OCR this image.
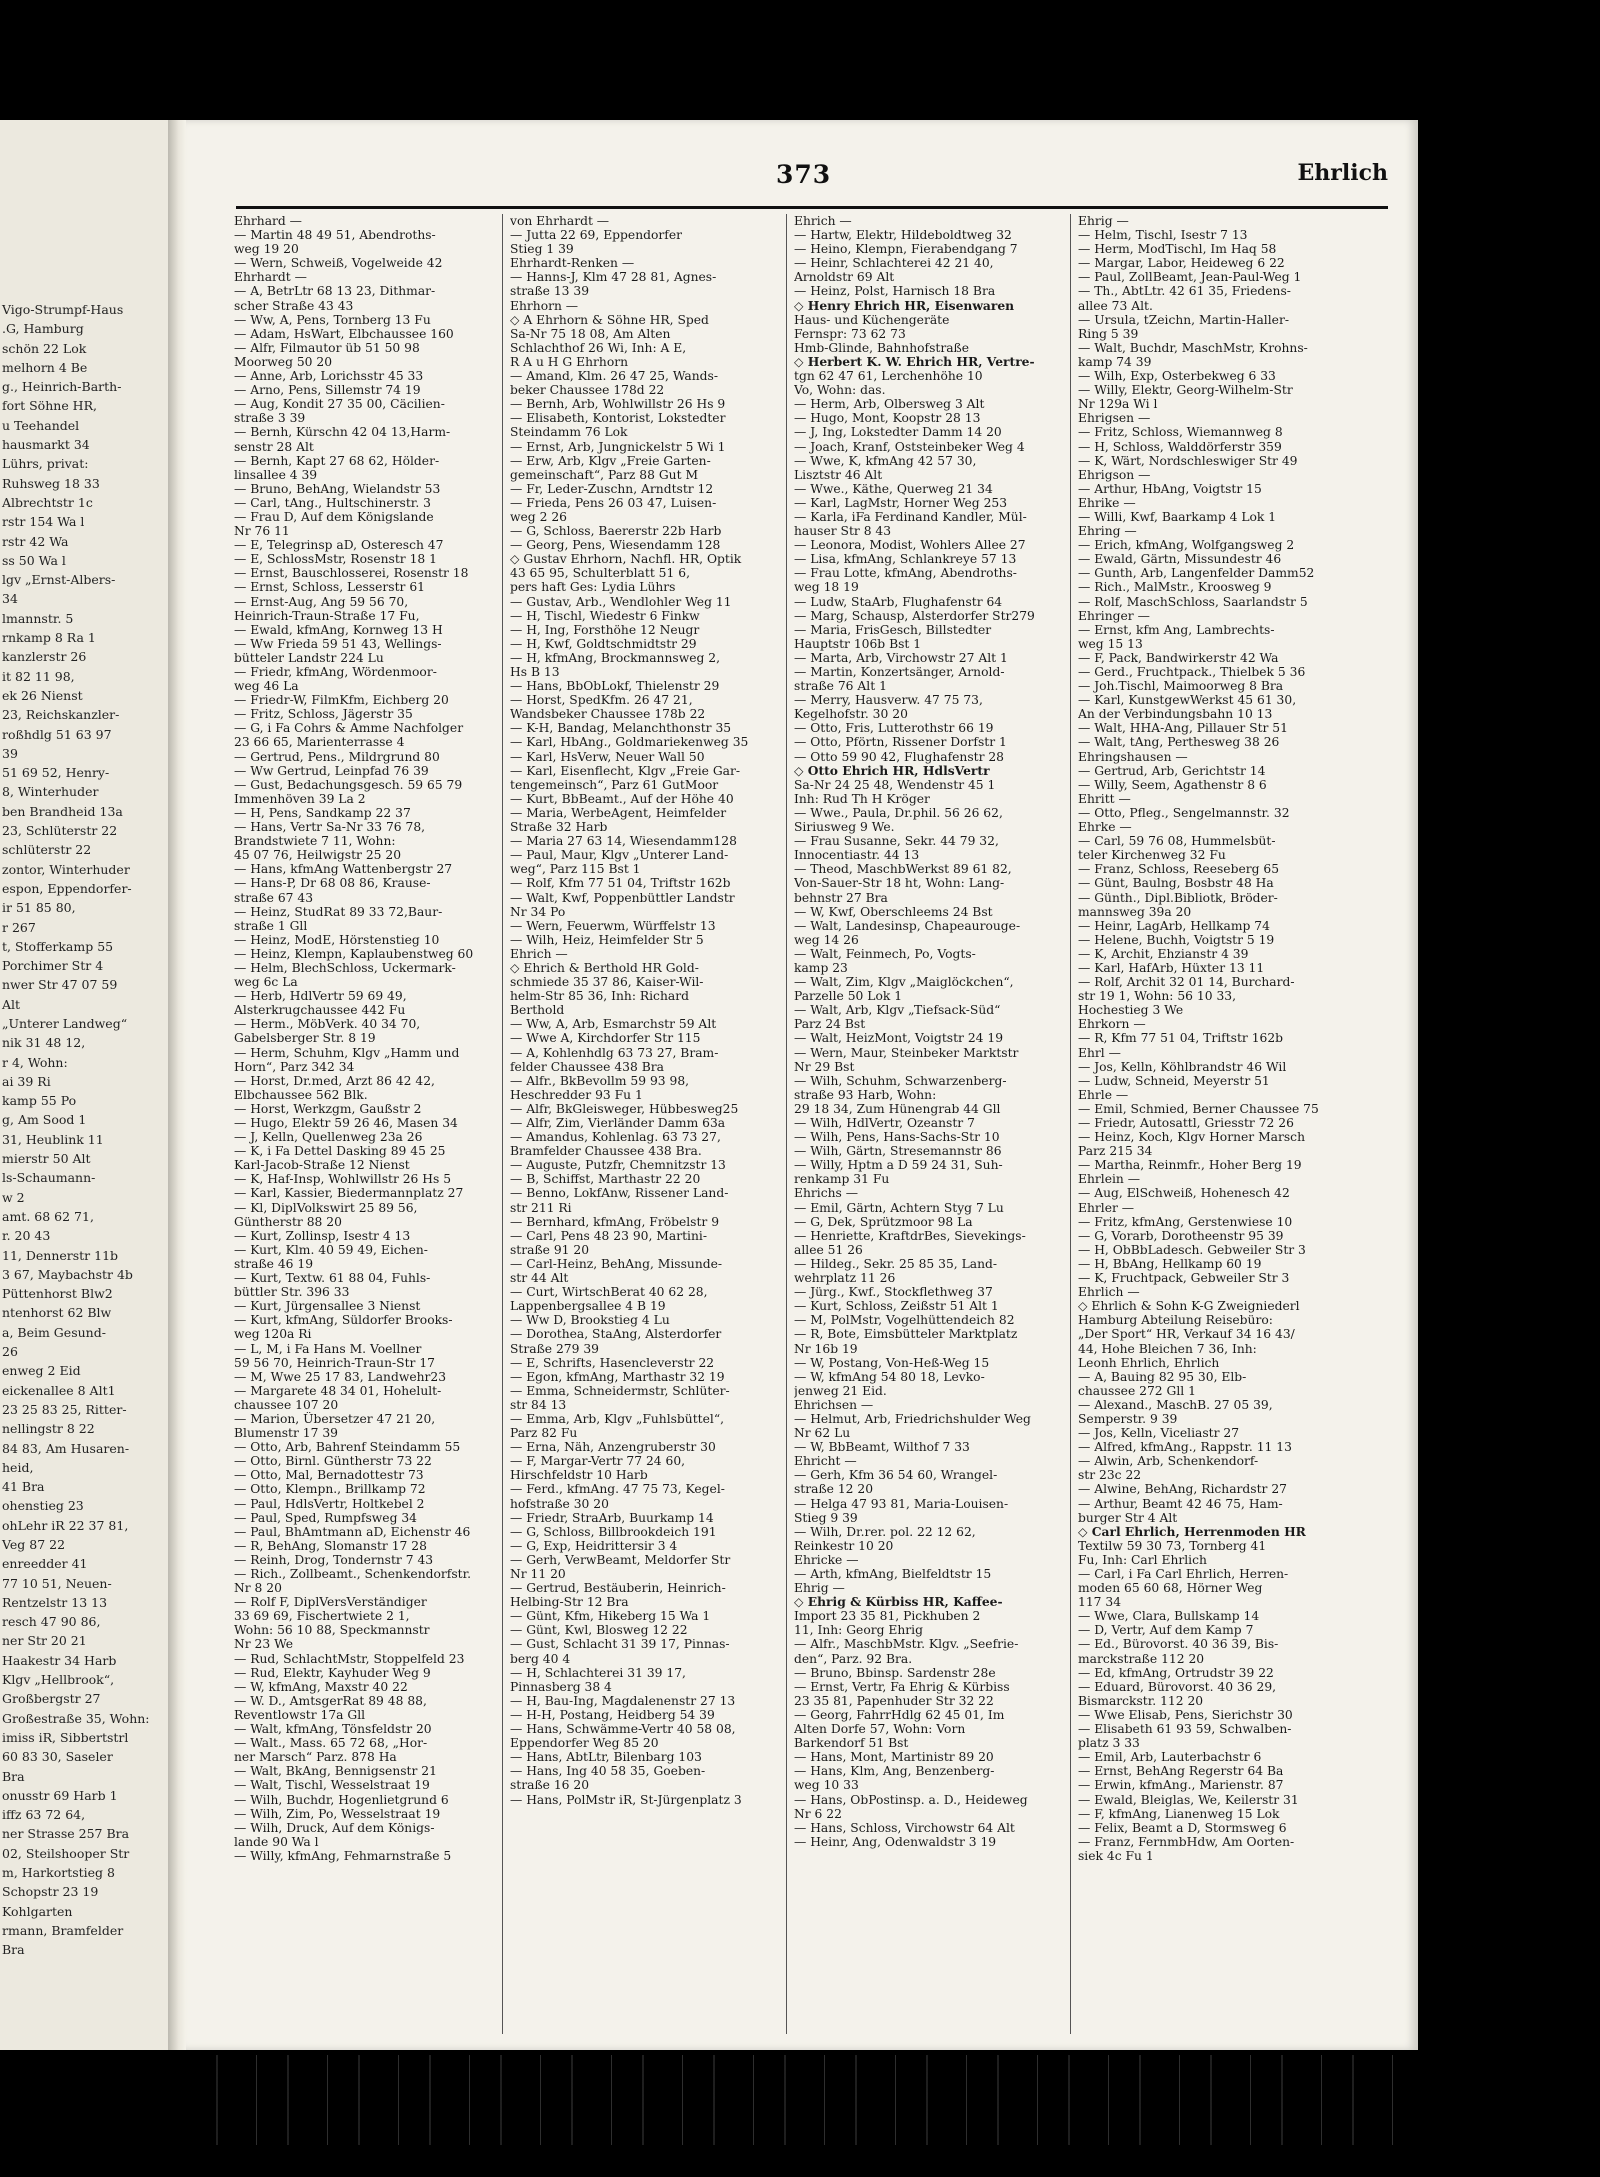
Vigo-Strumpf-Haus
.G, Hamburg
schön 22 Lok
melhorn 4 Be
g., Heinrich-Barth-
fort Söhne HR,
u Teehandel
hausmarkt 34
Lührs, privat:
Ruhsweg 18 33
Albrechtstr 1c
rstr 154 Wa l
rstr 42 Wa
ss 50 Wa l
lgv „Ernst-Albers-
34
lmannstr. 5
rnkamp 8 Ra 1
kanzlerstr 26
it 82 11 98,
ek 26 Nienst
23, Reichskanzler-
roßhdlg 51 63 97
39
51 69 52, Henry-
8, Winterhuder
ben Brandheid 13a
23, Schlüterstr 22
schlüterstr 22
zontor, Winterhuder
espon, Eppendorfer-
ir 51 85 80,
r 267
t, Stofferkamp 55
Porchimer Str 4
nwer Str 47 07 59
Alt
„Unterer Landweg“
nik 31 48 12,
r 4, Wohn:
ai 39 Ri
kamp 55 Po
g, Am Sood 1
31, Heublink 11
mierstr 50 Alt
ls-Schaumann-
w 2
amt. 68 62 71,
r. 20 43
11, Dennerstr 11b
3 67, Maybachstr 4b
Püttenhorst Blw2
ntenhorst 62 Blw
a, Beim Gesund-
26
enweg 2 Eid
eickenallee 8 Alt1
23 25 83 25, Ritter-
nellingstr 8 22
84 83, Am Husaren-
heid,
41 Bra
ohenstieg 23
ohLehr iR 22 37 81,
Veg 87 22
enreedder 41
77 10 51, Neuen-
Rentzelstr 13 13
resch 47 90 86,
ner Str 20 21
Haakestr 34 Harb
Klgv „Hellbrook“,
Großbergstr 27
Großestraße 35, Wohn:
imiss iR, Sibbertstrl
60 83 30, Saseler
Bra
onusstr 69 Harb 1
iffz 63 72 64,
ner Strasse 257 Bra
02, Steilshooper Str
m, Harkortstieg 8
Schopstr 23 19
Kohlgarten
rmann, Bramfelder
Bra
373	Ehrlich
Ehrhard —
— Martin 48 49 51, Abendroths-
weg 19 20
— Wern, Schweiß, Vogelweide 42
Ehrhardt —
— A, BetrLtr 68 13 23, Dithmar-
scher Straße 43 43
— Ww, A, Pens, Tornberg 13 Fu
— Adam, HsWart, Elbchaussee 160
— Alfr, Filmautor üb 51 50 98
Moorweg 50 20
— Anne, Arb, Lorichsstr 45 33
— Arno, Pens, Sillemstr 74 19
— Aug, Kondit 27 35 00, Cäcilien-
straße 3 39
— Bernh, Kürschn 42 04 13,Harm-
senstr 28 Alt
— Bernh, Kapt 27 68 62, Hölder-
linsallee 4 39
— Bruno, BehAng, Wielandstr 53
— Carl, tAng., Hultschinerstr. 3
— Frau D, Auf dem Königslande
Nr 76 11
— E, Telegrinsp aD, Osteresch 47
— E, SchlossMstr, Rosenstr 18 1
— Ernst, Bauschlosserei, Rosenstr 18
— Ernst, Schloss, Lesserstr 61
— Ernst-Aug, Ang 59 56 70,
Heinrich-Traun-Straße 17 Fu,
— Ewald, kfmAng, Kornweg 13 H
— Ww Frieda 59 51 43, Wellings-
bütteler Landstr 224 Lu
— Friedr, kfmAng, Wördenmoor-
weg 46 La
— Friedr-W, FilmKfm, Eichberg 20
— Fritz, Schloss, Jägerstr 35
— G, i Fa Cohrs & Amme Nachfolger
23 66 65, Marienterrasse 4
— Gertrud, Pens., Mildrgrund 80
— Ww Gertrud, Leinpfad 76 39
— Gust, Bedachungsgesch. 59 65 79
Immenhöven 39 La 2
— H, Pens, Sandkamp 22 37
— Hans, Vertr Sa-Nr 33 76 78,
Brandstwiete 7 11, Wohn:
45 07 76, Heilwigstr 25 20
— Hans, kfmAng Wattenbergstr 27
— Hans-P, Dr 68 08 86, Krause-
straße 67 43
— Heinz, StudRat 89 33 72,Baur-
straße 1 Gll
— Heinz, ModE, Hörstenstieg 10
— Heinz, Klempn, Kaplaubenstweg 60
— Helm, BlechSchloss, Uckermark-
weg 6c La
— Herb, HdlVertr 59 69 49,
Alsterkrugchaussee 442 Fu
— Herm., MöbVerk. 40 34 70,
Gabelsberger Str. 8 19
— Herm, Schuhm, Klgv „Hamm und
Horn“, Parz 342 34
— Horst, Dr.med, Arzt 86 42 42,
Elbchaussee 562 Blk.
— Horst, Werkzgm, Gaußstr 2
— Hugo, Elektr 59 26 46, Masen 34
— J, Kelln, Quellenweg 23a 26
— K, i Fa Dettel Dasking 89 45 25
Karl-Jacob-Straße 12 Nienst
— K, Haf-Insp, Wohlwillstr 26 Hs 5
— Karl, Kassier, Biedermannplatz 27
— Kl, DiplVolkswirt 25 89 56,
Güntherstr 88 20
— Kurt, Zollinsp, Isestr 4 13
— Kurt, Klm. 40 59 49, Eichen-
straße 46 19
— Kurt, Textw. 61 88 04, Fuhls-
büttler Str. 396 33
— Kurt, Jürgensallee 3 Nienst
— Kurt, kfmAng, Süldorfer Brooks-
weg 120a Ri
— L, M, i Fa Hans M. Voellner
59 56 70, Heinrich-Traun-Str 17
— M, Wwe 25 17 83, Landwehr23
— Margarete 48 34 01, Hohelult-
chaussee 107 20
— Marion, Übersetzer 47 21 20,
Blumenstr 17 39
— Otto, Arb, Bahrenf Steindamm 55
— Otto, Birnl. Güntherstr 73 22
— Otto, Mal, Bernadottestr 73
— Otto, Klempn., Brillkamp 72
— Paul, HdlsVertr, Holtkebel 2
— Paul, Sped, Rumpfsweg 34
— Paul, BhAmtmann aD, Eichenstr 46
— R, BehAng, Slomanstr 17 28
— Reinh, Drog, Tondernstr 7 43
— Rich., Zollbeamt., Schenkendorfstr.
Nr 8 20
— Rolf F, DiplVersVerständiger
33 69 69, Fischertwiete 2 1,
Wohn: 56 10 88, Speckmannstr
Nr 23 We
— Rud, SchlachtMstr, Stoppelfeld 23
— Rud, Elektr, Kayhuder Weg 9
— W, kfmAng, Maxstr 40 22
— W. D., AmtsgerRat 89 48 88,
Reventlowstr 17a Gll
— Walt, kfmAng, Tönsfeldstr 20
— Walt., Mass. 65 72 68, „Hor-
ner Marsch“ Parz. 878 Ha
— Walt, BkAng, Bennigsenstr 21
— Walt, Tischl, Wesselstraat 19
— Wilh, Buchdr, Hogenlietgrund 6
— Wilh, Zim, Po, Wesselstraat 19
— Wilh, Druck, Auf dem Königs-
lande 90 Wa l
— Willy, kfmAng, Fehmarnstraße 5
von Ehrhardt —
— Jutta 22 69, Eppendorfer
Stieg 1 39
Ehrhardt-Renken —
— Hanns-J, Klm 47 28 81, Agnes-
straße 13 39
Ehrhorn —
◇ A Ehrhorn & Söhne HR, Sped
Sa-Nr 75 18 08, Am Alten
Schlachthof 26 Wi, Inh: A E,
R A u H G Ehrhorn
— Amand, Klm. 26 47 25, Wands-
beker Chaussee 178d 22
— Bernh, Arb, Wohlwillstr 26 Hs 9
— Elisabeth, Kontorist, Lokstedter
Steindamm 76 Lok
— Ernst, Arb, Jungnickelstr 5 Wi 1
— Erw, Arb, Klgv „Freie Garten-
gemeinschaft“, Parz 88 Gut M
— Fr, Leder-Zuschn, Arndtstr 12
— Frieda, Pens 26 03 47, Luisen-
weg 2 26
— G, Schloss, Baererstr 22b Harb
— Georg, Pens, Wiesendamm 128
◇ Gustav Ehrhorn, Nachfl. HR, Optik
43 65 95, Schulterblatt 51 6,
pers haft Ges: Lydia Lührs
— Gustav, Arb., Wendlohler Weg 11
— H, Tischl, Wiedestr 6 Finkw
— H, Ing, Forsthöhe 12 Neugr
— H, Kwf, Goldtschmidtstr 29
— H, kfmAng, Brockmannsweg 2,
Hs B 13
— Hans, BbObLokf, Thielenstr 29
— Horst, SpedKfm. 26 47 21,
Wandsbeker Chaussee 178b 22
— K-H, Bandag, Melanchthonstr 35
— Karl, HbAng., Goldmariekenweg 35
— Karl, HsVerw, Neuer Wall 50
— Karl, Eisenflecht, Klgv „Freie Gar-
tengemeinsch“, Parz 61 GutMoor
— Kurt, BbBeamt., Auf der Höhe 40
— Maria, WerbeAgent, Heimfelder
Straße 32 Harb
— Maria 27 63 14, Wiesendamm128
— Paul, Maur, Klgv „Unterer Land-
weg“, Parz 115 Bst 1
— Rolf, Kfm 77 51 04, Triftstr 162b
— Walt, Kwf, Poppenbüttler Landstr
Nr 34 Po
— Wern, Feuerwm, Würffelstr 13
— Wilh, Heiz, Heimfelder Str 5
Ehrich —
◇ Ehrich & Berthold HR Gold-
schmiede 35 37 86, Kaiser-Wil-
helm-Str 85 36, Inh: Richard
Berthold
— Ww, A, Arb, Esmarchstr 59 Alt
— Wwe A, Kirchdorfer Str 115
— A, Kohlenhdlg 63 73 27, Bram-
felder Chaussee 438 Bra
— Alfr., BkBevollm 59 93 98,
Heschredder 93 Fu 1
— Alfr, BkGleisweger, Hübbesweg25
— Alfr, Zim, Vierländer Damm 63a
— Amandus, Kohlenlag. 63 73 27,
Bramfelder Chaussee 438 Bra.
— Auguste, Putzfr, Chemnitzstr 13
— B, Schiffst, Marthastr 22 20
— Benno, LokfAnw, Rissener Land-
str 211 Ri
— Bernhard, kfmAng, Fröbelstr 9
— Carl, Pens 48 23 90, Martini-
straße 91 20
— Carl-Heinz, BehAng, Missunde-
str 44 Alt
— Curt, WirtschBerat 40 62 28,
Lappenbergsallee 4 B 19
— Ww D, Brookstieg 4 Lu
— Dorothea, StaAng, Alsterdorfer
Straße 279 39
— E, Schrifts, Hasencleverstr 22
— Egon, kfmAng, Marthastr 32 19
— Emma, Schneidermstr, Schlüter-
str 84 13
— Emma, Arb, Klgv „Fuhlsbüttel“,
Parz 82 Fu
— Erna, Näh, Anzengruberstr 30
— F, Margar-Vertr 77 24 60,
Hirschfeldstr 10 Harb
— Ferd., kfmAng. 47 75 73, Kegel-
hofstraße 30 20
— Friedr, StraArb, Buurkamp 14
— G, Schloss, Billbrookdeich 191
— G, Exp, Heidrittersir 3 4
— Gerh, VerwBeamt, Meldorfer Str
Nr 11 20
— Gertrud, Bestäuberin, Heinrich-
Helbing-Str 12 Bra
— Günt, Kfm, Hikeberg 15 Wa 1
— Günt, Kwl, Blosweg 12 22
— Gust, Schlacht 31 39 17, Pinnas-
berg 40 4
— H, Schlachterei 31 39 17,
Pinnasberg 38 4
— H, Bau-Ing, Magdalenenstr 27 13
— H-H, Postang, Heidberg 54 39
— Hans, Schwämme-Vertr 40 58 08,
Eppendorfer Weg 85 20
— Hans, AbtLtr, Bilenbarg 103
— Hans, Ing 40 58 35, Goeben-
straße 16 20
— Hans, PolMstr iR, St-Jürgenplatz 3
Ehrich —
— Hartw, Elektr, Hildeboldtweg 32
— Heino, Klempn, Fierabendgang 7
— Heinr, Schlachterei 42 21 40,
Arnoldstr 69 Alt
— Heinz, Polst, Harnisch 18 Bra
◇ Henry Ehrich HR, Eisenwaren
Haus- und Küchengeräte
Fernspr: 73 62 73
Hmb-Glinde, Bahnhofstraße
◇ Herbert K. W. Ehrich HR, Vertre-
tgn 62 47 61, Lerchenhöhe 10
Vo, Wohn: das.
— Herm, Arb, Olbersweg 3 Alt
— Hugo, Mont, Koopstr 28 13
— J, Ing, Lokstedter Damm 14 20
— Joach, Kranf, Oststeinbeker Weg 4
— Wwe, K, kfmAng 42 57 30,
Lisztstr 46 Alt
— Wwe., Käthe, Querweg 21 34
— Karl, LagMstr, Horner Weg 253
— Karla, iFa Ferdinand Kandler, Mül-
hauser Str 8 43
— Leonora, Modist, Wohlers Allee 27
— Lisa, kfmAng, Schlankreye 57 13
— Frau Lotte, kfmAng, Abendroths-
weg 18 19
— Ludw, StaArb, Flughafenstr 64
— Marg, Schausp, Alsterdorfer Str279
— Maria, FrisGesch, Billstedter
Hauptstr 106b Bst 1
— Marta, Arb, Virchowstr 27 Alt 1
— Martin, Konzertsänger, Arnold-
straße 76 Alt 1
— Merry, Hausverw. 47 75 73,
Kegelhofstr. 30 20
— Otto, Fris, Lutterothstr 66 19
— Otto, Pförtn, Rissener Dorfstr 1
— Otto 59 90 42, Flughafenstr 28
◇ Otto Ehrich HR, HdlsVertr
Sa-Nr 24 25 48, Wendenstr 45 1
Inh: Rud Th H Kröger
— Wwe., Paula, Dr.phil. 56 26 62,
Siriusweg 9 We.
— Frau Susanne, Sekr. 44 79 32,
Innocentiastr. 44 13
— Theod, MaschbWerkst 89 61 82,
Von-Sauer-Str 18 ht, Wohn: Lang-
behnstr 27 Bra
— W, Kwf, Oberschleems 24 Bst
— Walt, Landesinsp, Chapeaurouge-
weg 14 26
— Walt, Feinmech, Po, Vogts-
kamp 23
— Walt, Zim, Klgv „Maiglöckchen“,
Parzelle 50 Lok 1
— Walt, Arb, Klgv „Tiefsack-Süd“
Parz 24 Bst
— Walt, HeizMont, Voigtstr 24 19
— Wern, Maur, Steinbeker Marktstr
Nr 29 Bst
— Wilh, Schuhm, Schwarzenberg-
straße 93 Harb, Wohn:
29 18 34, Zum Hünengrab 44 Gll
— Wilh, HdlVertr, Ozeanstr 7
— Wilh, Pens, Hans-Sachs-Str 10
— Wilh, Gärtn, Stresemannstr 86
— Willy, Hptm a D 59 24 31, Suh-
renkamp 31 Fu
Ehrichs —
— Emil, Gärtn, Achtern Styg 7 Lu
— G, Dek, Sprützmoor 98 La
— Henriette, KraftdrBes, Sievekings-
allee 51 26
— Hildeg., Sekr. 25 85 35, Land-
wehrplatz 11 26
— Jürg., Kwf., Stockflethweg 37
— Kurt, Schloss, Zeißstr 51 Alt 1
— M, PolMstr, Vogelhüttendeich 82
— R, Bote, Eimsbütteler Marktplatz
Nr 16b 19
— W, Postang, Von-Heß-Weg 15
— W, kfmAng 54 80 18, Levko-
jenweg 21 Eid.
Ehrichsen —
— Helmut, Arb, Friedrichshulder Weg
Nr 62 Lu
— W, BbBeamt, Wilthof 7 33
Ehricht —
— Gerh, Kfm 36 54 60, Wrangel-
straße 12 20
— Helga 47 93 81, Maria-Louisen-
Stieg 9 39
— Wilh, Dr.rer. pol. 22 12 62,
Reinkestr 10 20
Ehricke —
— Arth, kfmAng, Bielfeldtstr 15
Ehrig —
◇ Ehrig & Kürbiss HR, Kaffee-
Import 23 35 81, Pickhuben 2
11, Inh: Georg Ehrig
— Alfr., MaschbMstr. Klgv. „Seefrie-
den“, Parz. 92 Bra.
— Bruno, Bbinsp. Sardenstr 28e
— Ernst, Vertr, Fa Ehrig & Kürbiss
23 35 81, Papenhuder Str 32 22
— Georg, FahrrHdlg 62 45 01, Im
Alten Dorfe 57, Wohn: Vorn
Barkendorf 51 Bst
— Hans, Mont, Martinistr 89 20
— Hans, Klm, Ang, Benzenberg-
weg 10 33
— Hans, ObPostinsp. a. D., Heideweg
Nr 6 22
— Hans, Schloss, Virchowstr 64 Alt
— Heinr, Ang, Odenwaldstr 3 19
Ehrig —
— Helm, Tischl, Isestr 7 13
— Herm, ModTischl, Im Haq 58
— Margar, Labor, Heideweg 6 22
— Paul, ZollBeamt, Jean-Paul-Weg 1
— Th., AbtLtr. 42 61 35, Friedens-
allee 73 Alt.
— Ursula, tZeichn, Martin-Haller-
Ring 5 39
— Walt, Buchdr, MaschMstr, Krohns-
kamp 74 39
— Wilh, Exp, Osterbekweg 6 33
— Willy, Elektr, Georg-Wilhelm-Str
Nr 129a Wi l
Ehrigsen —
— Fritz, Schloss, Wiemannweg 8
— H, Schloss, Walddörferstr 359
— K, Wärt, Nordschleswiger Str 49
Ehrigson —
— Arthur, HbAng, Voigtstr 15
Ehrike —
— Willi, Kwf, Baarkamp 4 Lok 1
Ehring —
— Erich, kfmAng, Wolfgangsweg 2
— Ewald, Gärtn, Missundestr 46
— Gunth, Arb, Langenfelder Damm52
— Rich., MalMstr., Kroosweg 9
— Rolf, MaschSchloss, Saarlandstr 5
Ehringer —
— Ernst, kfm Ang, Lambrechts-
weg 15 13
— F, Pack, Bandwirkerstr 42 Wa
— Gerd., Fruchtpack., Thielbek 5 36
— Joh.Tischl, Maimoorweg 8 Bra
— Karl, KunstgewWerkst 45 61 30,
An der Verbindungsbahn 10 13
— Walt, HHA-Ang, Pillauer Str 51
— Walt, tAng, Perthesweg 38 26
Ehringshausen —
— Gertrud, Arb, Gerichtstr 14
— Willy, Seem, Agathenstr 8 6
Ehritt —
— Otto, Pfleg., Sengelmannstr. 32
Ehrke —
— Carl, 59 76 08, Hummelsbüt-
teler Kirchenweg 32 Fu
— Franz, Schloss, Reeseberg 65
— Günt, Baulng, Bosbstr 48 Ha
— Günth., Dipl.Bibliotk, Bröder-
mannsweg 39a 20
— Heinr, LagArb, Hellkamp 74
— Helene, Buchh, Voigtstr 5 19
— K, Archit, Ehzianstr 4 39
— Karl, HafArb, Hüxter 13 11
— Rolf, Archit 32 01 14, Burchard-
str 19 1, Wohn: 56 10 33,
Hochestieg 3 We
Ehrkorn —
— R, Kfm 77 51 04, Triftstr 162b
Ehrl —
— Jos, Kelln, Köhlbrandstr 46 Wil
— Ludw, Schneid, Meyerstr 51
Ehrle —
— Emil, Schmied, Berner Chaussee 75
— Friedr, Autosattl, Griesstr 72 26
— Heinz, Koch, Klgv Horner Marsch
Parz 215 34
— Martha, Reinmfr., Hoher Berg 19
Ehrlein —
— Aug, ElSchweiß, Hohenesch 42
Ehrler —
— Fritz, kfmAng, Gerstenwiese 10
— G, Vorarb, Dorotheenstr 95 39
— H, ObBbLadesch. Gebweiler Str 3
— H, BbAng, Hellkamp 60 19
— K, Fruchtpack, Gebweiler Str 3
Ehrlich —
◇ Ehrlich & Sohn K-G Zweigniederl
Hamburg Abteilung Reisebüro:
„Der Sport“ HR, Verkauf 34 16 43/
44, Hohe Bleichen 7 36, Inh:
Leonh Ehrlich, Ehrlich
— A, Bauing 82 95 30, Elb-
chaussee 272 Gll 1
— Alexand., MaschB. 27 05 39,
Semperstr. 9 39
— Jos, Kelln, Viceliastr 27
— Alfred, kfmAng., Rappstr. 11 13
— Alwin, Arb, Schenkendorf-
str 23c 22
— Alwine, BehAng, Richardstr 27
— Arthur, Beamt 42 46 75, Ham-
burger Str 4 Alt
◇ Carl Ehrlich, Herrenmoden HR
Textilw 59 30 73, Tornberg 41
Fu, Inh: Carl Ehrlich
— Carl, i Fa Carl Ehrlich, Herren-
moden 65 60 68, Hörner Weg
117 34
— Wwe, Clara, Bullskamp 14
— D, Vertr, Auf dem Kamp 7
— Ed., Bürovorst. 40 36 39, Bis-
marckstraße 112 20
— Ed, kfmAng, Ortrudstr 39 22
— Eduard, Bürovorst. 40 36 29,
Bismarckstr. 112 20
— Wwe Elisab, Pens, Sierichstr 30
— Elisabeth 61 93 59, Schwalben-
platz 3 33
— Emil, Arb, Lauterbachstr 6
— Ernst, BehAng Regerstr 64 Ba
— Erwin, kfmAng., Marienstr. 87
— Ewald, Bleiglas, We, Keilerstr 31
— F, kfmAng, Lianenweg 15 Lok
— Felix, Beamt a D, Stormsweg 6
— Franz, FernmbHdw, Am Oorten-
siek 4c Fu 1
